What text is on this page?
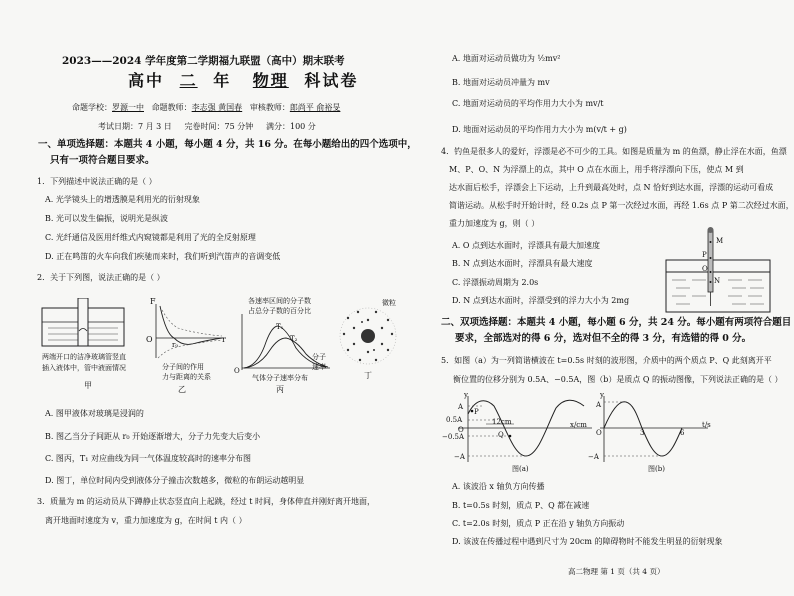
2023——2024 学年度第二学期福九联盟（高中）期末联考
高中 二 年 物理 科试卷
命题学校：罗源一中 命题教师：李志强 黄国春 审核教师：郎尚平 俞裕旻
考试日期：7 月 3 日 完卷时间：75 分钟 满分：100 分
一、单项选择题：本题共 4 小题，每小题 4 分，共 16 分。在每小题给出的四个选项中，
只有一项符合题目要求。
1．下列描述中说法正确的是（ ）
A. 光学镜头上的增透膜是利用光的衍射现象
B. 光可以发生偏振，说明光是纵波
C. 光纤通信及医用纤维式内窥镜都是利用了光的全反射原理
D. 正在鸣笛的火车向我们疾驰而来时，我们听到汽笛声的音调变低
2．关于下列图，说法正确的是（ ）
两端开口的洁净玻璃管竖直
插入液体中，管中液面情况
甲
F
O
r₀
r
分子间的作用
力与距离的关系
乙
各速率区间的分子数
占总分子数的百分比
T₁
T₂
O
分子
速率
气体分子速率分布
丙
微粒
丁
A. 图甲液体对玻璃是浸润的
B. 图乙当分子间距从 r₀ 开始逐渐增大，分子力先变大后变小
C. 图丙，T₁ 对应曲线为同一气体温度较高时的速率分布图
D. 图丁，单位时间内受到液体分子撞击次数越多，微粒的布朗运动越明显
3．质量为 m 的运动员从下蹲静止状态竖直向上起跳，经过 t 时间，身体伸直并刚好离开地面，
离开地面时速度为 v，重力加速度为 g，在时间 t 内（ ）
A. 地面对运动员做功为 ½mv²
B. 地面对运动员冲量为 mv
C. 地面对运动员的平均作用力大小为 mv/t
D. 地面对运动员的平均作用力大小为 m(v/t + g)
4．钓鱼是很多人的爱好，浮漂是必不可少的工具。如图是质量为 m 的鱼漂，静止浮在水面，鱼漂
M、P、O、N 为浮漂上的点，其中 O 点在水面上，用手将浮漂向下压，使点 M 到
达水面后松手，浮漂会上下运动，上升到最高处时，点 N 恰好到达水面，浮漂的运动可看成
简谐运动。从松手时开始计时，经 0.2s 点 P 第一次经过水面，再经 1.6s 点 P 第二次经过水面，
重力加速度为 g，则（ ）
A. O 点到达水面时，浮漂具有最大加速度
B. N 点到达水面时，浮漂具有最大速度
C. 浮漂振动周期为 2.0s
D. N 点到达水面时，浮漂受到的浮力大小为 2mg
M
P
O
N
二、双项选择题：本题共 4 小题，每小题 6 分，共 24 分。每小题有两项符合题目
要求，全部选对的得 6 分，选对但不全的得 3 分，有选错的得 0 分。
5．如图（a）为一列简谐横波在 t=0.5s 时刻的波形图，介质中的两个质点 P、Q 此刻离开平
衡位置的位移分别为 0.5A、−0.5A，图（b）是质点 Q 的振动图像，下列说法正确的是（ ）
y
A
0.5A
O
−0.5A
−A
P
Q
12cm	x/cm
图(a)
y
A
O
−A
3	6
t/s
图(b)
A. 该波沿 x 轴负方向传播
B. t=0.5s 时刻，质点 P、Q 都在减速
C. t=2.0s 时刻，质点 P 正在沿 y 轴负方向振动
D. 该波在传播过程中遇到尺寸为 20cm 的障碍物时不能发生明显的衍射现象
高二物理 第 1 页（共 4 页）
